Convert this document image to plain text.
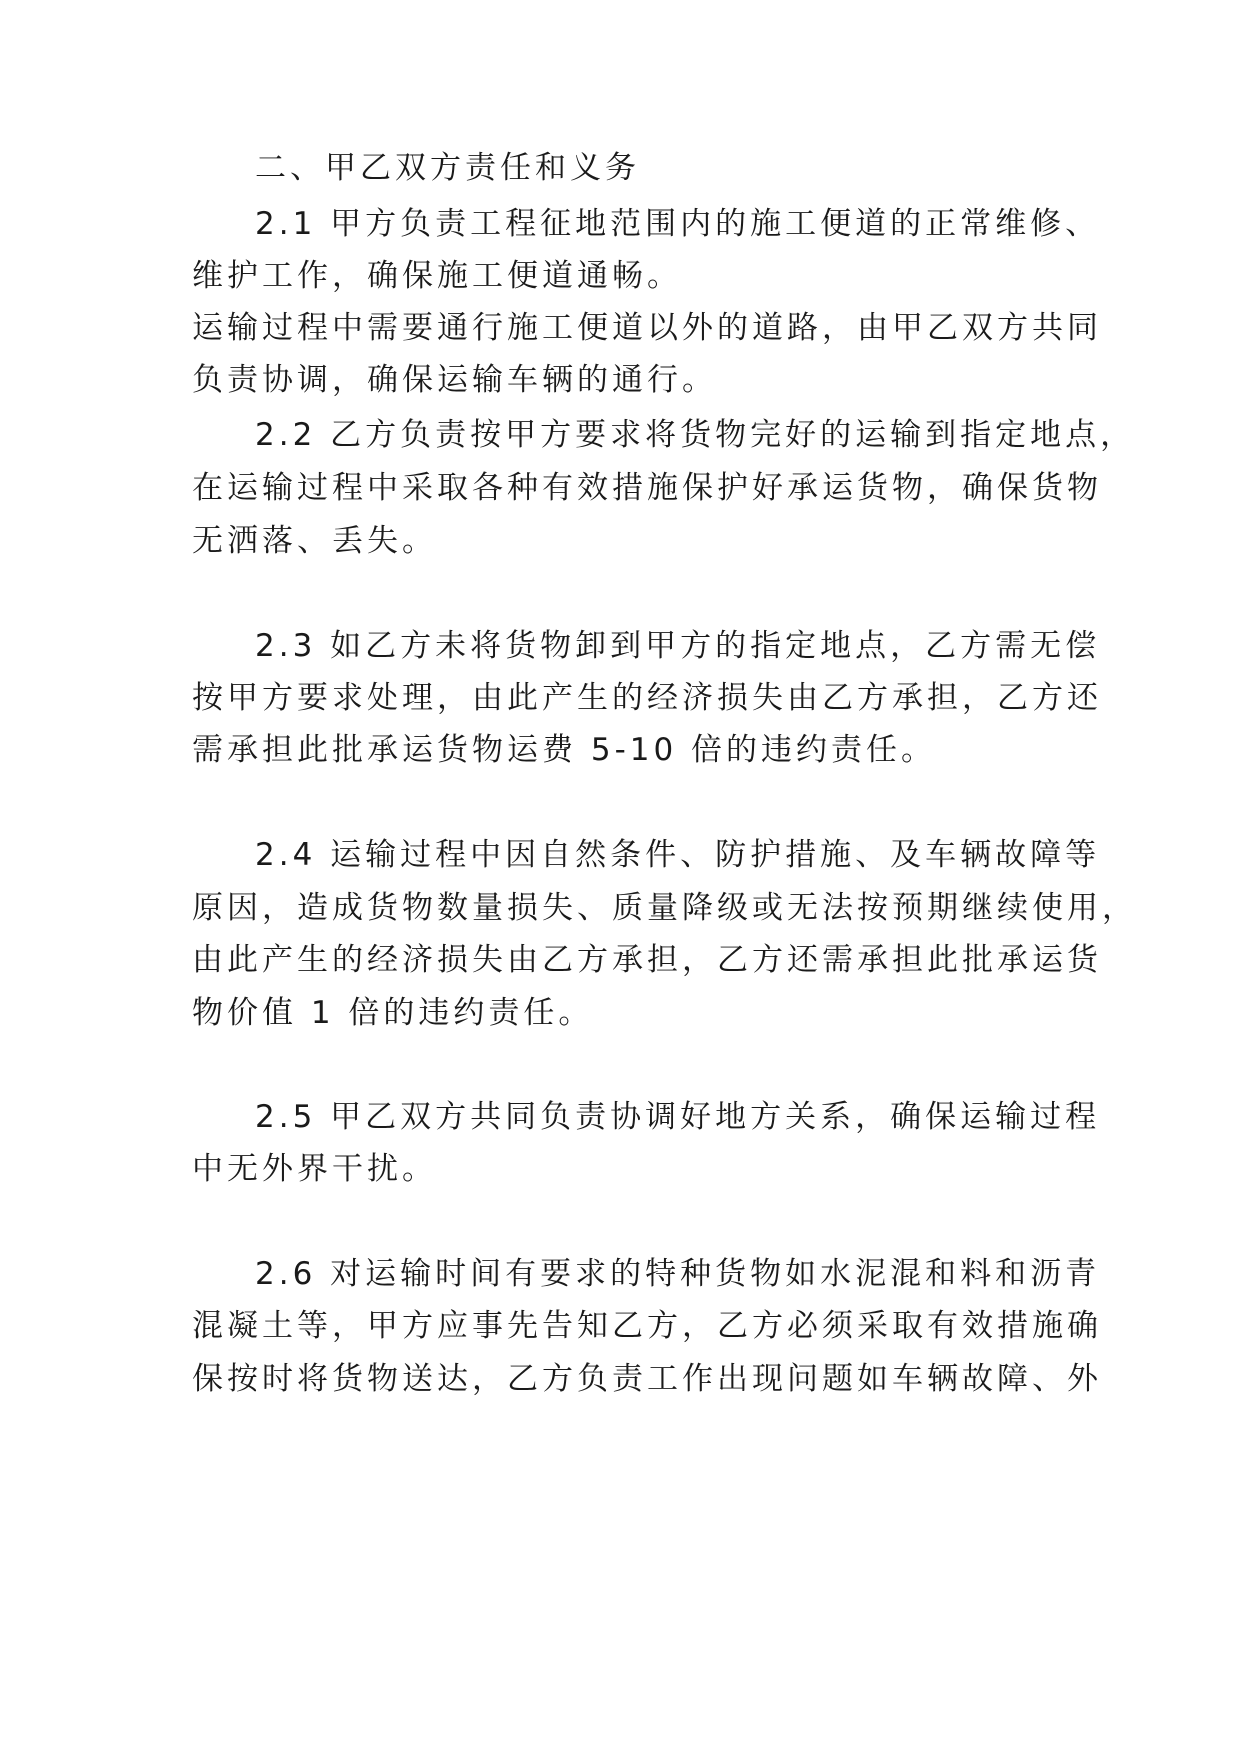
二、甲乙双方责任和义务
2.1 甲方负责工程征地范围内的施工便道的正常维修、
维护工作，确保施工便道通畅。
运输过程中需要通行施工便道以外的道路，由甲乙双方共同
负责协调，确保运输车辆的通行。
2.2 乙方负责按甲方要求将货物完好的运输到指定地点，
在运输过程中采取各种有效措施保护好承运货物，确保货物
无洒落、丢失。
2.3 如乙方未将货物卸到甲方的指定地点，乙方需无偿
按甲方要求处理，由此产生的经济损失由乙方承担，乙方还
需承担此批承运货物运费 5-10 倍的违约责任。
2.4 运输过程中因自然条件、防护措施、及车辆故障等
原因，造成货物数量损失、质量降级或无法按预期继续使用，
由此产生的经济损失由乙方承担，乙方还需承担此批承运货
物价值 1 倍的违约责任。
2.5 甲乙双方共同负责协调好地方关系，确保运输过程
中无外界干扰。
2.6 对运输时间有要求的特种货物如水泥混和料和沥青
混凝土等，甲方应事先告知乙方，乙方必须采取有效措施确
保按时将货物送达，乙方负责工作出现问题如车辆故障、外
